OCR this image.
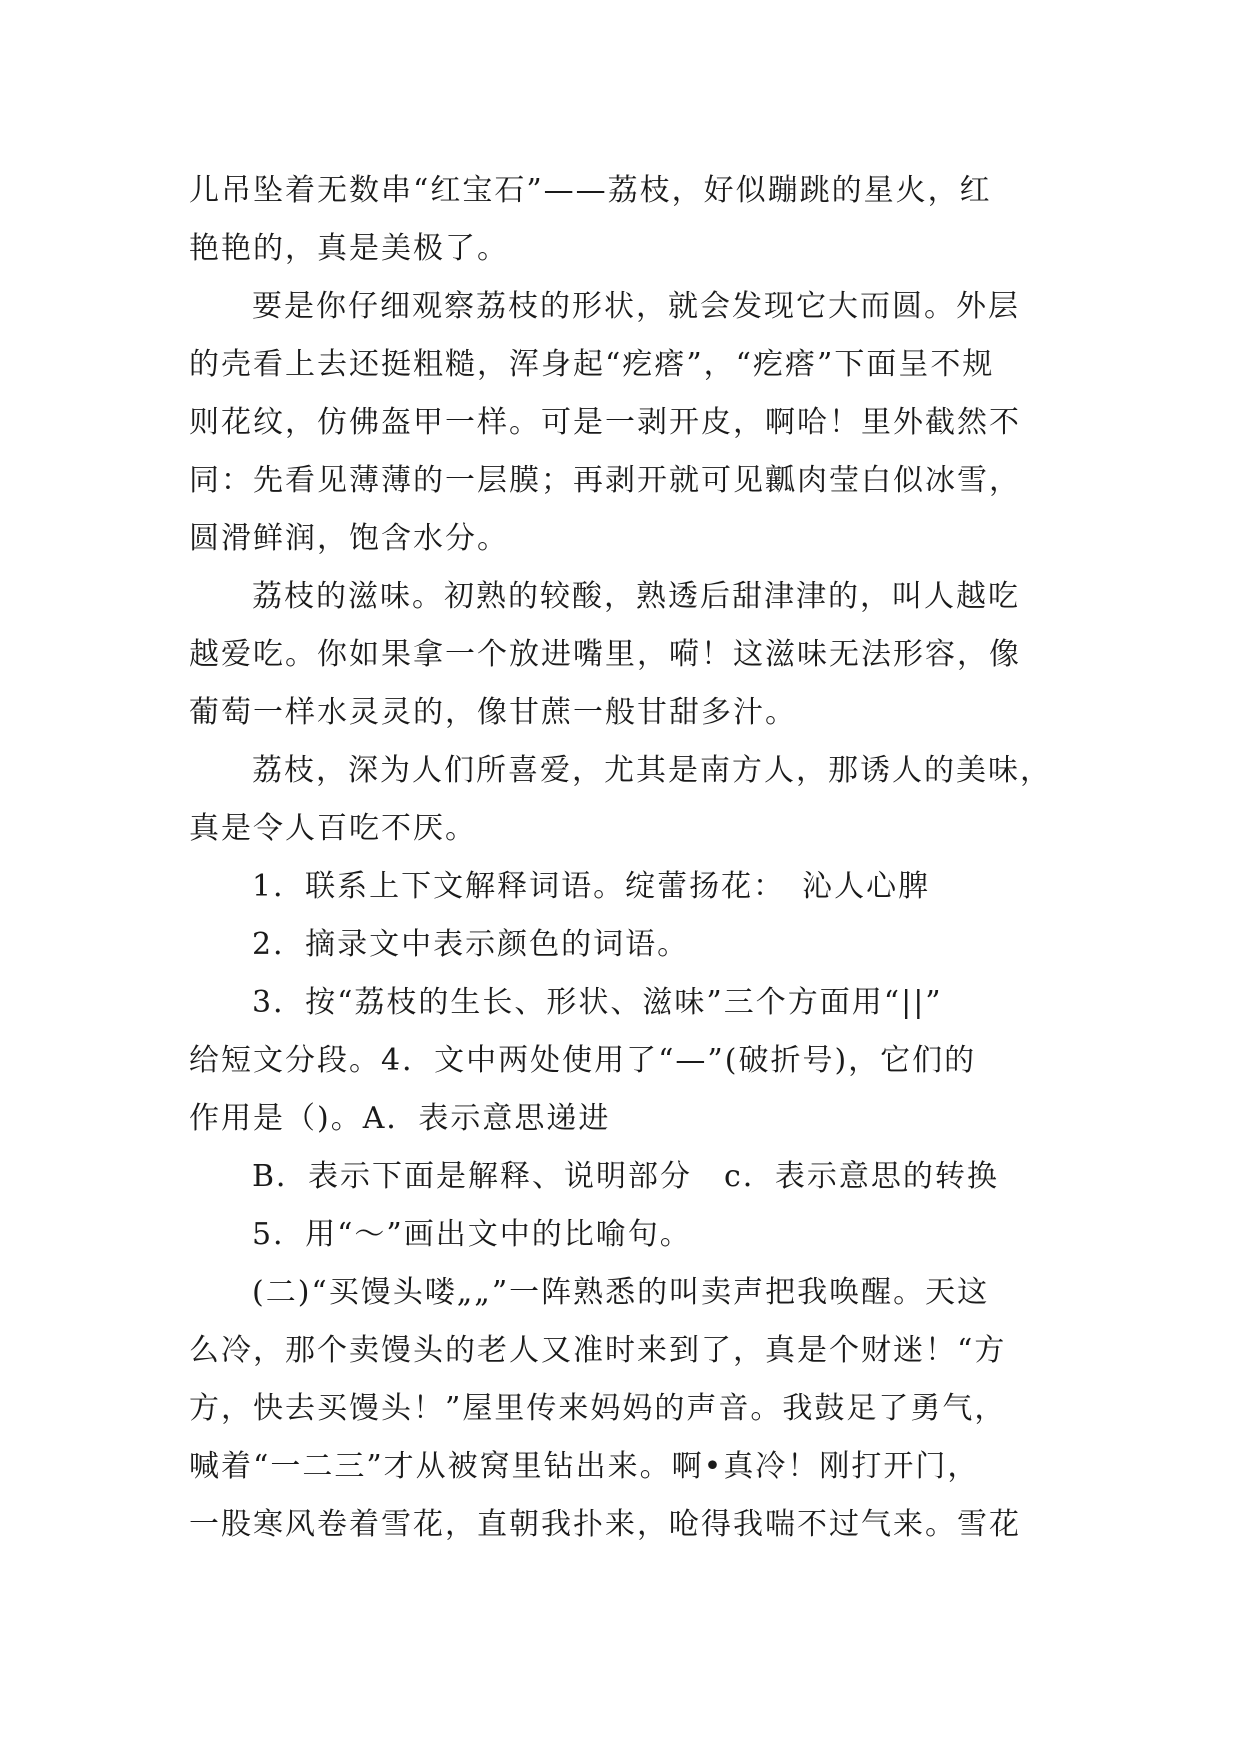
儿吊坠着无数串“红宝石”——荔枝，好似蹦跳的星火，红
艳艳的，真是美极了。
要是你仔细观察荔枝的形状，就会发现它大而圆。外层
的壳看上去还挺粗糙，浑身起“疙瘩”，“疙瘩”下面呈不规
则花纹，仿佛盔甲一样。可是一剥开皮，啊哈！里外截然不
同：先看见薄薄的一层膜；再剥开就可见瓤肉莹白似冰雪，
圆滑鲜润，饱含水分。
荔枝的滋味。初熟的较酸，熟透后甜津津的，叫人越吃
越爱吃。你如果拿一个放进嘴里，嗬！这滋味无法形容，像
葡萄一样水灵灵的，像甘蔗一般甘甜多汁。
荔枝，深为人们所喜爱，尤其是南方人，那诱人的美味，
真是令人百吃不厌。
1．联系上下文解释词语。绽蕾扬花：　沁人心脾
2．摘录文中表示颜色的词语。
3．按“荔枝的生长、形状、滋味”三个方面用“||”
给短文分段。4．文中两处使用了“—”(破折号)，它们的
作用是（)。A．表示意思递进
B．表示下面是解释、说明部分　c．表示意思的转换
5．用“～”画出文中的比喻句。
(二)“买馒头喽„„”一阵熟悉的叫卖声把我唤醒。天这
么冷，那个卖馒头的老人又准时来到了，真是个财迷！“方
方，快去买馒头！”屋里传来妈妈的声音。我鼓足了勇气，
喊着“一二三”才从被窝里钻出来。啊•真冷！刚打开门，
一股寒风卷着雪花，直朝我扑来，呛得我喘不过气来。雪花
